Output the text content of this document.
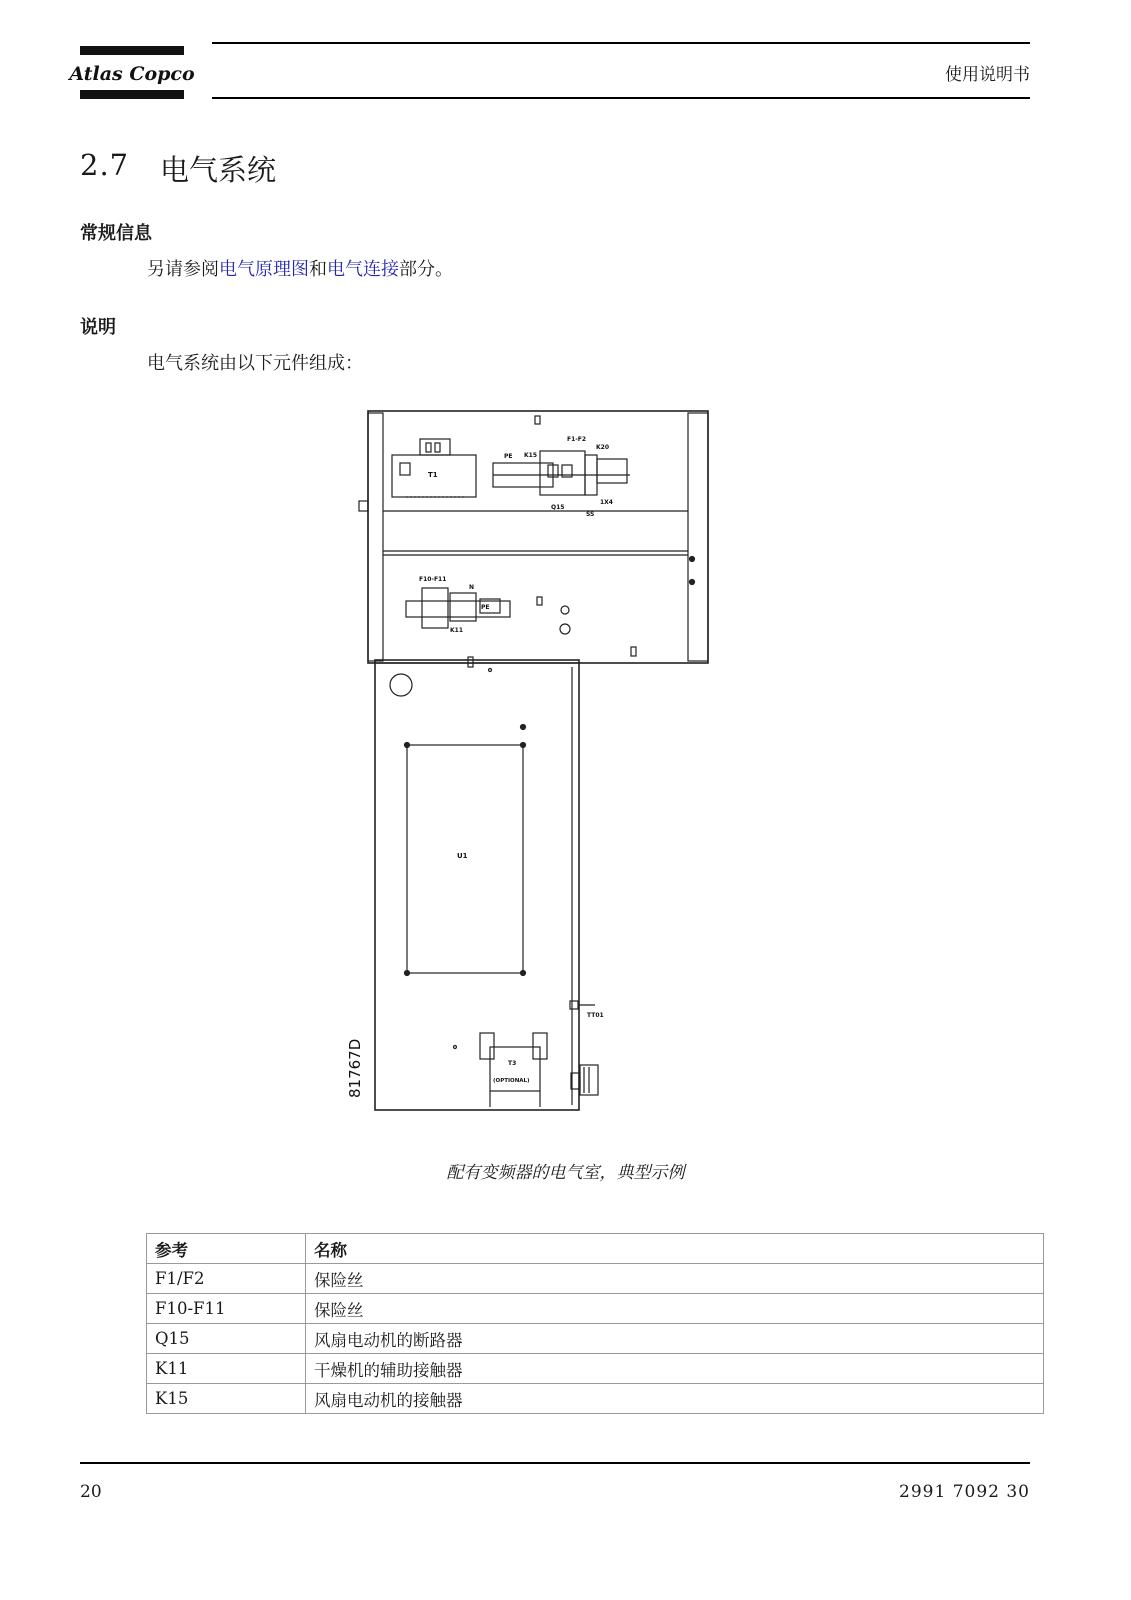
Atlas Copco	使用说明书
2.7 电气系统
常规信息
另请参阅电气原理图和电气连接部分。
说明
电气系统由以下元件组成：
T1
F1-F2
K20
PE K15
Q15
1X4
SS
F10-F11
N
PE
K11
U1
TT01
T3
(OPTIONAL)
81767D
配有变频器的电气室，典型示例
参考	名称
F1/F2	保险丝
F10-F11	保险丝
Q15	风扇电动机的断路器
K11	干燥机的辅助接触器
K15	风扇电动机的接触器
20	2991 7092 30
